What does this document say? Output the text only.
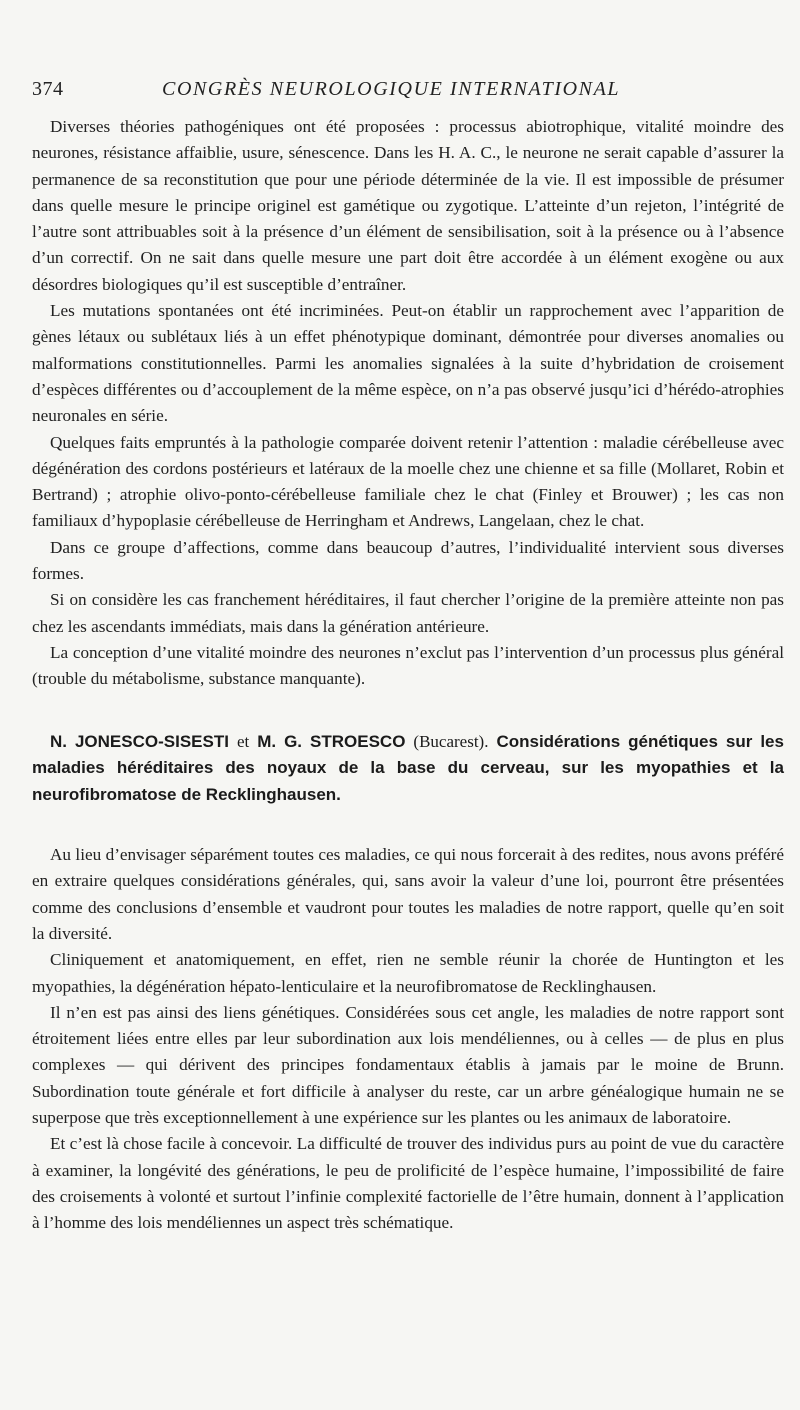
374	CONGRÈS NEUROLOGIQUE INTERNATIONAL

Diverses théories pathogéniques ont été proposées : processus abiotrophique, vitalité moindre des neurones, résistance affaiblie, usure, sénescence. Dans les H. A. C., le neurone ne serait capable d’assurer la permanence de sa reconstitution que pour une période déterminée de la vie. Il est impossible de présumer dans quelle mesure le principe originel est gamétique ou zygotique. L’atteinte d’un rejeton, l’intégrité de l’autre sont attribuables soit à la présence d’un élément de sensibilisation, soit à la présence ou à l’absence d’un correctif. On ne sait dans quelle mesure une part doit être accordée à un élément exogène ou aux désordres biologiques qu’il est susceptible d’entraîner.

Les mutations spontanées ont été incriminées. Peut-on établir un rapprochement avec l’apparition de gènes létaux ou sublétaux liés à un effet phénotypique dominant, démontrée pour diverses anomalies ou malformations constitutionnelles. Parmi les anomalies signalées à la suite d’hybridation de croisement d’espèces différentes ou d’accouplement de la même espèce, on n’a pas observé jusqu’ici d’hérédo-atrophies neuronales en série.

Quelques faits empruntés à la pathologie comparée doivent retenir l’attention : maladie cérébelleuse avec dégénération des cordons postérieurs et latéraux de la moelle chez une chienne et sa fille (Mollaret, Robin et Bertrand) ; atrophie olivo-ponto-cérébelleuse familiale chez le chat (Finley et Brouwer) ; les cas non familiaux d’hypoplasie cérébelleuse de Herringham et Andrews, Langelaan, chez le chat.

Dans ce groupe d’affections, comme dans beaucoup d’autres, l’individualité intervient sous diverses formes.

Si on considère les cas franchement héréditaires, il faut chercher l’origine de la première atteinte non pas chez les ascendants immédiats, mais dans la génération antérieure.

La conception d’une vitalité moindre des neurones n’exclut pas l’intervention d’un processus plus général (trouble du métabolisme, substance manquante).

N. JONESCO-SISESTI et M. G. STROESCO (Bucarest). Considérations génétiques sur les maladies héréditaires des noyaux de la base du cerveau, sur les myopathies et la neurofibromatose de Recklinghausen.

Au lieu d’envisager séparément toutes ces maladies, ce qui nous forcerait à des redites, nous avons préféré en extraire quelques considérations générales, qui, sans avoir la valeur d’une loi, pourront être présentées comme des conclusions d’ensemble et vaudront pour toutes les maladies de notre rapport, quelle qu’en soit la diversité.

Cliniquement et anatomiquement, en effet, rien ne semble réunir la chorée de Huntington et les myopathies, la dégénération hépato-lenticulaire et la neurofibromatose de Recklinghausen.

Il n’en est pas ainsi des liens génétiques. Considérées sous cet angle, les maladies de notre rapport sont étroitement liées entre elles par leur subordination aux lois mendéliennes, ou à celles — de plus en plus complexes — qui dérivent des principes fondamentaux établis à jamais par le moine de Brunn. Subordination toute générale et fort difficile à analyser du reste, car un arbre généalogique humain ne se superpose que très exceptionnellement à une expérience sur les plantes ou les animaux de laboratoire.

Et c’est là chose facile à concevoir. La difficulté de trouver des individus purs au point de vue du caractère à examiner, la longévité des générations, le peu de prolificité de l’espèce humaine, l’impossibilité de faire des croisements à volonté et surtout l’infinie complexité factorielle de l’être humain, donnent à l’application à l’homme des lois mendéliennes un aspect très schématique.
